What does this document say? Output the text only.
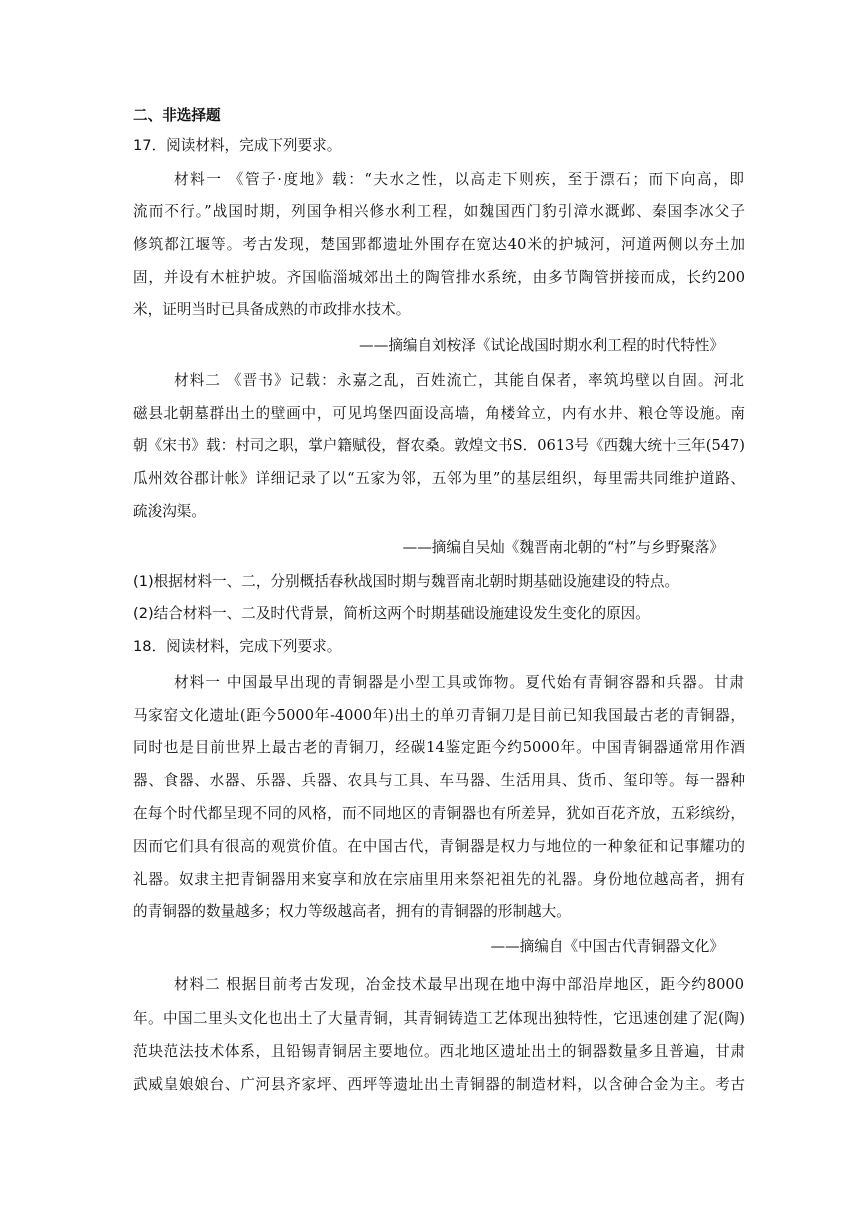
二、非选择题
17．阅读材料，完成下列要求。
材料一 《管子·度地》载：“夫水之性，以高走下则疾，至于漂石；而下向高，即
流而不行。”战国时期，列国争相兴修水利工程，如魏国西门豹引漳水溉邺、秦国李冰父子
修筑都江堰等。考古发现，楚国郢都遗址外围存在宽达40米的护城河，河道两侧以夯土加
固，并设有木桩护坡。齐国临淄城郊出土的陶管排水系统，由多节陶管拼接而成，长约200
米，证明当时已具备成熟的市政排水技术。
——摘编自刘桉泽《试论战国时期水利工程的时代特性》
材料二 《晋书》记载：永嘉之乱，百姓流亡，其能自保者，率筑坞壁以自固。河北
磁县北朝墓群出土的壁画中，可见坞堡四面设高墙，角楼耸立，内有水井、粮仓等设施。南
朝《宋书》载：村司之职，掌户籍赋役，督农桑。敦煌文书S．0613号《西魏大统十三年(547)
瓜州效谷郡计帐》详细记录了以“五家为邻，五邻为里”的基层组织，每里需共同维护道路、
疏浚沟渠。
——摘编自吴灿《魏晋南北朝的“村”与乡野聚落》
(1)根据材料一、二，分别概括春秋战国时期与魏晋南北朝时期基础设施建设的特点。
(2)结合材料一、二及时代背景，简析这两个时期基础设施建设发生变化的原因。
18．阅读材料，完成下列要求。
材料一 中国最早出现的青铜器是小型工具或饰物。夏代始有青铜容器和兵器。甘肃
马家窑文化遗址(距今5000年-4000年)出土的单刃青铜刀是目前已知我国最古老的青铜器，
同时也是目前世界上最古老的青铜刀，经碳14鉴定距今约5000年。中国青铜器通常用作酒
器、食器、水器、乐器、兵器、农具与工具、车马器、生活用具、货币、玺印等。每一器种
在每个时代都呈现不同的风格，而不同地区的青铜器也有所差异，犹如百花齐放，五彩缤纷，
因而它们具有很高的观赏价值。在中国古代，青铜器是权力与地位的一种象征和记事耀功的
礼器。奴隶主把青铜器用来宴享和放在宗庙里用来祭祀祖先的礼器。身份地位越高者，拥有
的青铜器的数量越多；权力等级越高者，拥有的青铜器的形制越大。
——摘编自《中国古代青铜器文化》
材料二 根据目前考古发现，冶金技术最早出现在地中海中部沿岸地区，距今约8000
年。中国二里头文化也出土了大量青铜，其青铜铸造工艺体现出独特性，它迅速创建了泥(陶)
范块范法技术体系，且铅锡青铜居主要地位。西北地区遗址出土的铜器数量多且普遍，甘肃
武威皇娘娘台、广河县齐家坪、西坪等遗址出土青铜器的制造材料，以含砷合金为主。考古
